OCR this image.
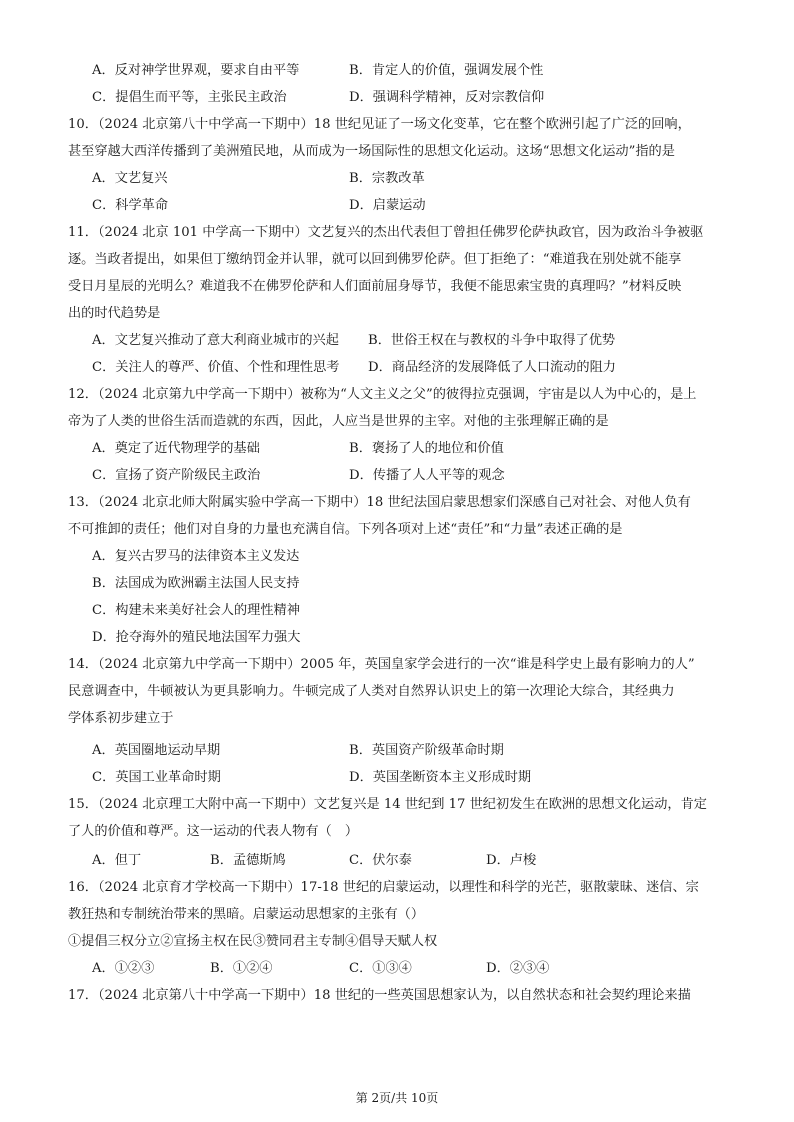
A．反对神学世界观，要求自由平等	B．肯定人的价值，强调发展个性
C．提倡生而平等，主张民主政治	D．强调科学精神，反对宗教信仰
10．（2024 北京第八十中学高一下期中）18 世纪见证了一场文化变革，它在整个欧洲引起了广泛的回响，
甚至穿越大西洋传播到了美洲殖民地，从而成为一场国际性的思想文化运动。这场“思想文化运动”指的是
A．文艺复兴	B．宗教改革
C．科学革命	D．启蒙运动
11．（2024 北京 101 中学高一下期中）文艺复兴的杰出代表但丁曾担任佛罗伦萨执政官，因为政治斗争被驱
逐。当政者提出，如果但丁缴纳罚金并认罪，就可以回到佛罗伦萨。但丁拒绝了：“难道我在别处就不能享
受日月星辰的光明么？难道我不在佛罗伦萨和人们面前屈身辱节，我便不能思索宝贵的真理吗？”材料反映
出的时代趋势是
A．文艺复兴推动了意大利商业城市的兴起 B．世俗王权在与教权的斗争中取得了优势
C．关注人的尊严、价值、个性和理性思考 D．商品经济的发展降低了人口流动的阻力
12．（2024 北京第九中学高一下期中）被称为“人文主义之父”的彼得拉克强调，宇宙是以人为中心的，是上
帝为了人类的世俗生活而造就的东西，因此，人应当是世界的主宰。对他的主张理解正确的是
A．奠定了近代物理学的基础	B．褒扬了人的地位和价值
C．宣扬了资产阶级民主政治	D．传播了人人平等的观念
13．（2024 北京北师大附属实验中学高一下期中）18 世纪法国启蒙思想家们深感自己对社会、对他人负有
不可推卸的责任；他们对自身的力量也充满自信。下列各项对上述“责任”和“力量”表述正确的是
A．复兴古罗马的法律资本主义发达
B．法国成为欧洲霸主法国人民支持
C．构建未来美好社会人的理性精神
D．抢夺海外的殖民地法国军力强大
14．（2024 北京第九中学高一下期中）2005 年，英国皇家学会进行的一次“谁是科学史上最有影响力的人”
民意调查中，牛顿被认为更具影响力。牛顿完成了人类对自然界认识史上的第一次理论大综合，其经典力
学体系初步建立于
A．英国圈地运动早期	B．英国资产阶级革命时期
C．英国工业革命时期	D．英国垄断资本主义形成时期
15．（2024 北京理工大附中高一下期中）文艺复兴是 14 世纪到 17 世纪初发生在欧洲的思想文化运动，肯定
了人的价值和尊严。这一运动的代表人物有（　）
A．但丁	B．孟德斯鸠	C．伏尔泰	D．卢梭
16．（2024 北京育才学校高一下期中）17-18 世纪的启蒙运动，以理性和科学的光芒，驱散蒙昧、迷信、宗
教狂热和专制统治带来的黑暗。启蒙运动思想家的主张有（）
①提倡三权分立②宣扬主权在民③赞同君主专制④倡导天赋人权
A．①②③	B．①②④	C．①③④	D．②③④
17．（2024 北京第八十中学高一下期中）18 世纪的一些英国思想家认为，以自然状态和社会契约理论来描
第 2页/共 10页
